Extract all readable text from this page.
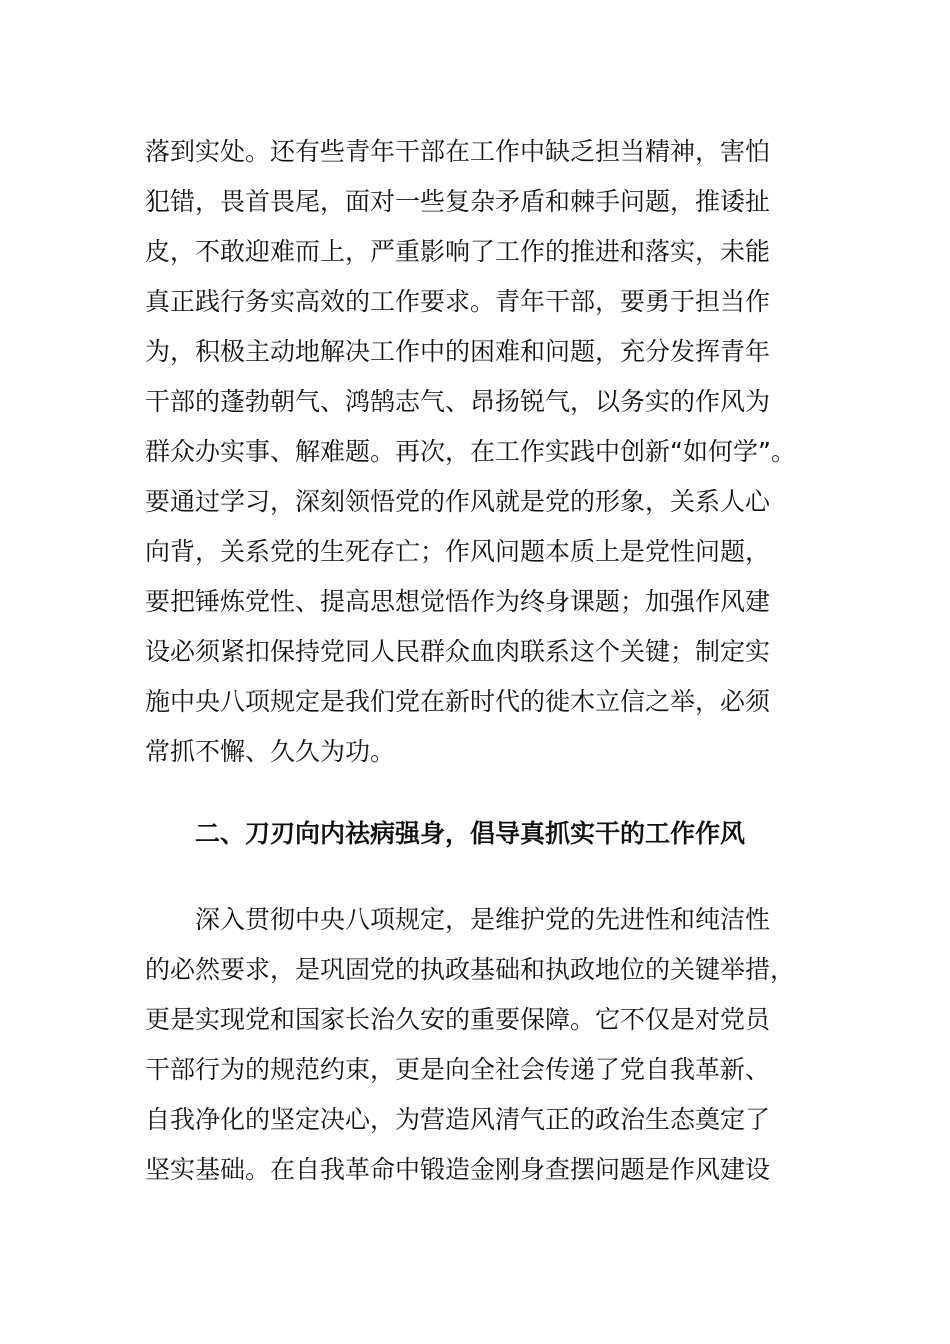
落到实处。还有些青年干部在工作中缺乏担当精神，害怕
犯错，畏首畏尾，面对一些复杂矛盾和棘手问题，推诿扯
皮，不敢迎难而上，严重影响了工作的推进和落实，未能
真正践行务实高效的工作要求。青年干部，要勇于担当作
为，积极主动地解决工作中的困难和问题，充分发挥青年
干部的蓬勃朝气、鸿鹄志气、昂扬锐气，以务实的作风为
群众办实事、解难题。再次，在工作实践中创新“如何学”。
要通过学习，深刻领悟党的作风就是党的形象，关系人心
向背，关系党的生死存亡；作风问题本质上是党性问题，
要把锤炼党性、提高思想觉悟作为终身课题；加强作风建
设必须紧扣保持党同人民群众血肉联系这个关键；制定实
施中央八项规定是我们党在新时代的徙木立信之举，必须
常抓不懈、久久为功。
二、刀刃向内祛病强身，倡导真抓实干的工作作风
深入贯彻中央八项规定，是维护党的先进性和纯洁性
的必然要求，是巩固党的执政基础和执政地位的关键举措，
更是实现党和国家长治久安的重要保障。它不仅是对党员
干部行为的规范约束，更是向全社会传递了党自我革新、
自我净化的坚定决心，为营造风清气正的政治生态奠定了
坚实基础。在自我革命中锻造金刚身查摆问题是作风建设
